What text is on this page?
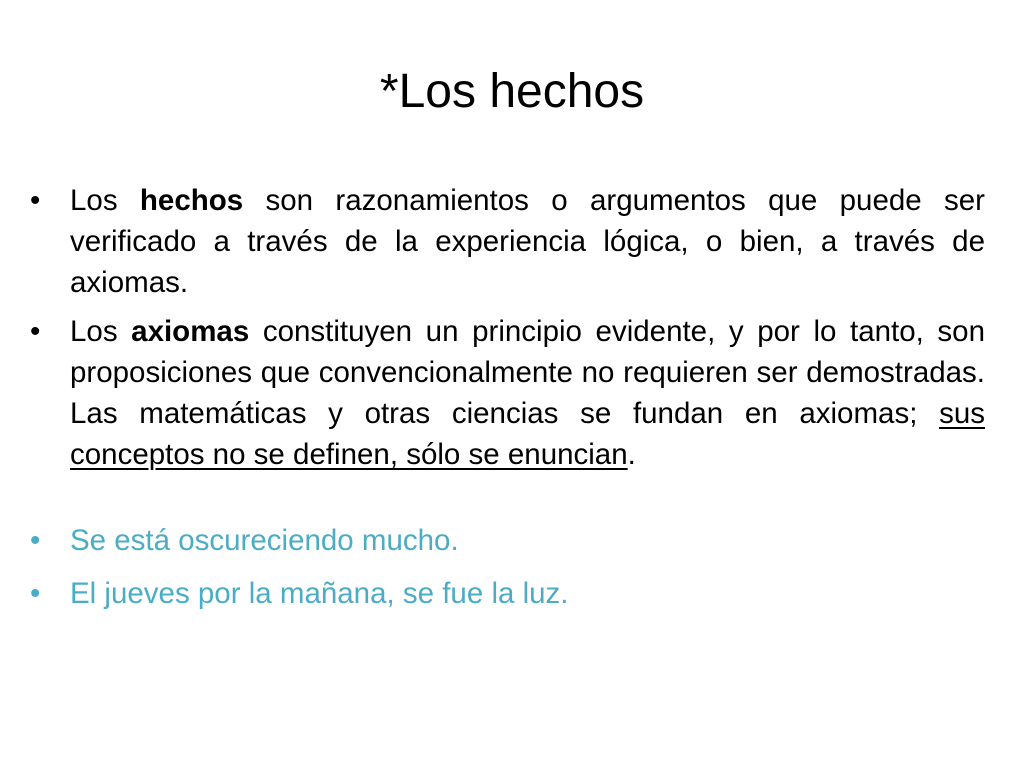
*Los hechos

•	Los hechos son razonamientos o argumentos que puede ser verificado a través de la experiencia lógica, o bien, a través de axiomas.

•	Los axiomas constituyen un principio evidente, y por lo tanto, son proposiciones que convencionalmente no requieren ser demostradas. Las matemáticas y otras ciencias se fundan en axiomas; sus conceptos no se definen, sólo se enuncian.

•	Se está oscureciendo mucho.

•	El jueves por la mañana, se fue la luz.
